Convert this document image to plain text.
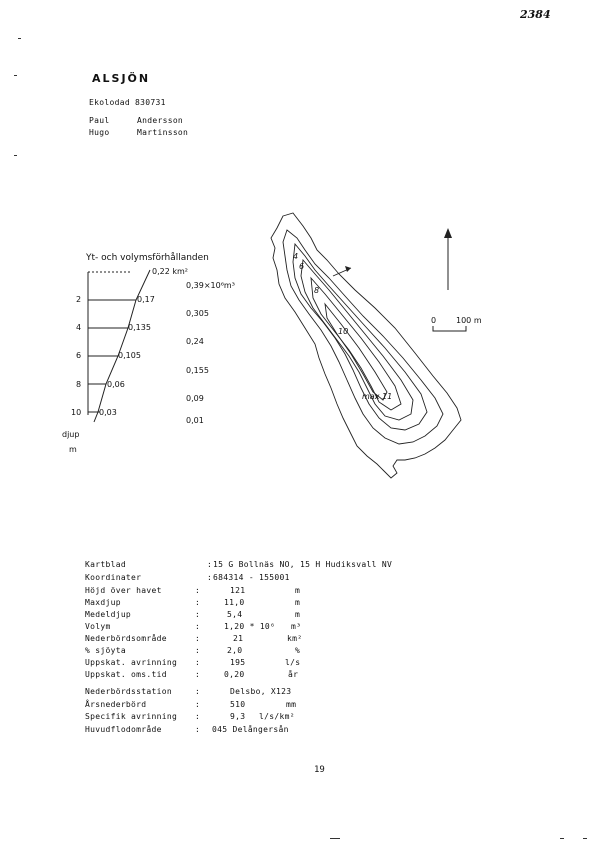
2384
ALSJÖN
Ekolodad 830731
Paul	Andersson
Hugo	Martinsson
Yt- och volymsförhållanden
0,22 km²
0,17
0,135
0,105
0,06
0,03
2
4
6
8
10
djup
m
0,39×10⁶m³
0,305
0,24
0,155
0,09
0,01
4
6
8
10
max 11
0 100 m
Kartblad	: 15 G Bollnäs NO, 15 H Hudiksvall NV
Koordinater	: 684314 - 155001
Höjd över havet	:	121	m
Maxdjup	:	11,0	m
Medeldjup	:	5,4	m
Volym	:	1,20 * 10⁶ m³
Nederbördsområde	:	21	km²
% sjöyta	:	2,0	%
Uppskat. avrinning :	195	l/s
Uppskat. oms.tid	:	0,20	år
Nederbördsstation	:	Delsbo, X123
Årsnederbörd	:	510	mm
Specifik avrinning :	9,3 l/s/km²
Huvudflodområde	: 045 Delångersån
19
